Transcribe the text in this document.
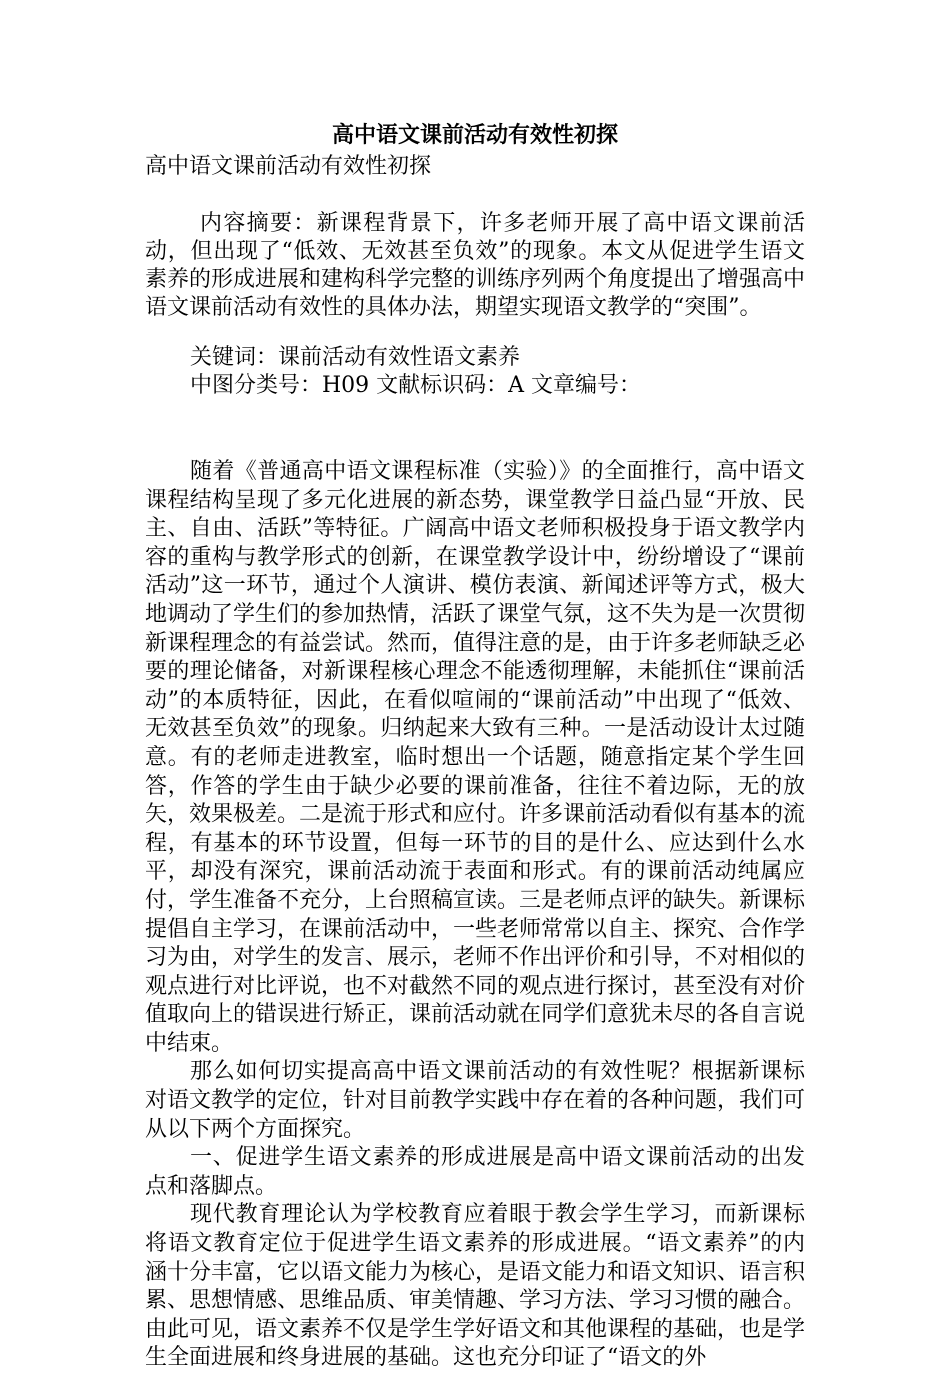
高中语文课前活动有效性初探

高中语文课前活动有效性初探

内容摘要：新课程背景下，许多老师开展了高中语文课前活动，但出现了“低效、无效甚至负效”的现象。本文从促进学生语文素养的形成进展和建构科学完整的训练序列两个角度提出了增强高中语文课前活动有效性的具体办法，期望实现语文教学的“突围”。

关键词：课前活动有效性语文素养
中图分类号：H09 文献标识码：A 文章编号：

随着《普通高中语文课程标准（实验）》的全面推行，高中语文课程结构呈现了多元化进展的新态势，课堂教学日益凸显“开放、民主、自由、活跃”等特征。广阔高中语文老师积极投身于语文教学内容的重构与教学形式的创新，在课堂教学设计中，纷纷增设了“课前活动”这一环节，通过个人演讲、模仿表演、新闻述评等方式，极大地调动了学生们的参加热情，活跃了课堂气氛，这不失为是一次贯彻新课程理念的有益尝试。然而，值得注意的是，由于许多老师缺乏必要的理论储备，对新课程核心理念不能透彻理解，未能抓住“课前活动”的本质特征，因此，在看似喧闹的“课前活动”中出现了“低效、无效甚至负效”的现象。归纳起来大致有三种。一是活动设计太过随意。有的老师走进教室，临时想出一个话题，随意指定某个学生回答，作答的学生由于缺少必要的课前准备，往往不着边际，无的放矢，效果极差。二是流于形式和应付。许多课前活动看似有基本的流程，有基本的环节设置，但每一环节的目的是什么、应达到什么水平，却没有深究，课前活动流于表面和形式。有的课前活动纯属应付，学生准备不充分，上台照稿宣读。三是老师点评的缺失。新课标提倡自主学习，在课前活动中，一些老师常常以自主、探究、合作学习为由，对学生的发言、展示，老师不作出评价和引导，不对相似的观点进行对比评说，也不对截然不同的观点进行探讨，甚至没有对价值取向上的错误进行矫正，课前活动就在同学们意犹未尽的各自言说中结束。

那么如何切实提高高中语文课前活动的有效性呢？根据新课标对语文教学的定位，针对目前教学实践中存在着的各种问题，我们可从以下两个方面探究。

一、促进学生语文素养的形成进展是高中语文课前活动的出发点和落脚点。

现代教育理论认为学校教育应着眼于教会学生学习，而新课标将语文教育定位于促进学生语文素养的形成进展。“语文素养”的内涵十分丰富，它以语文能力为核心，是语文能力和语文知识、语言积累、思想情感、思维品质、审美情趣、学习方法、学习习惯的融合。由此可见，语文素养不仅是学生学好语文和其他课程的基础，也是学生全面进展和终身进展的基础。这也充分印证了“语文的外
